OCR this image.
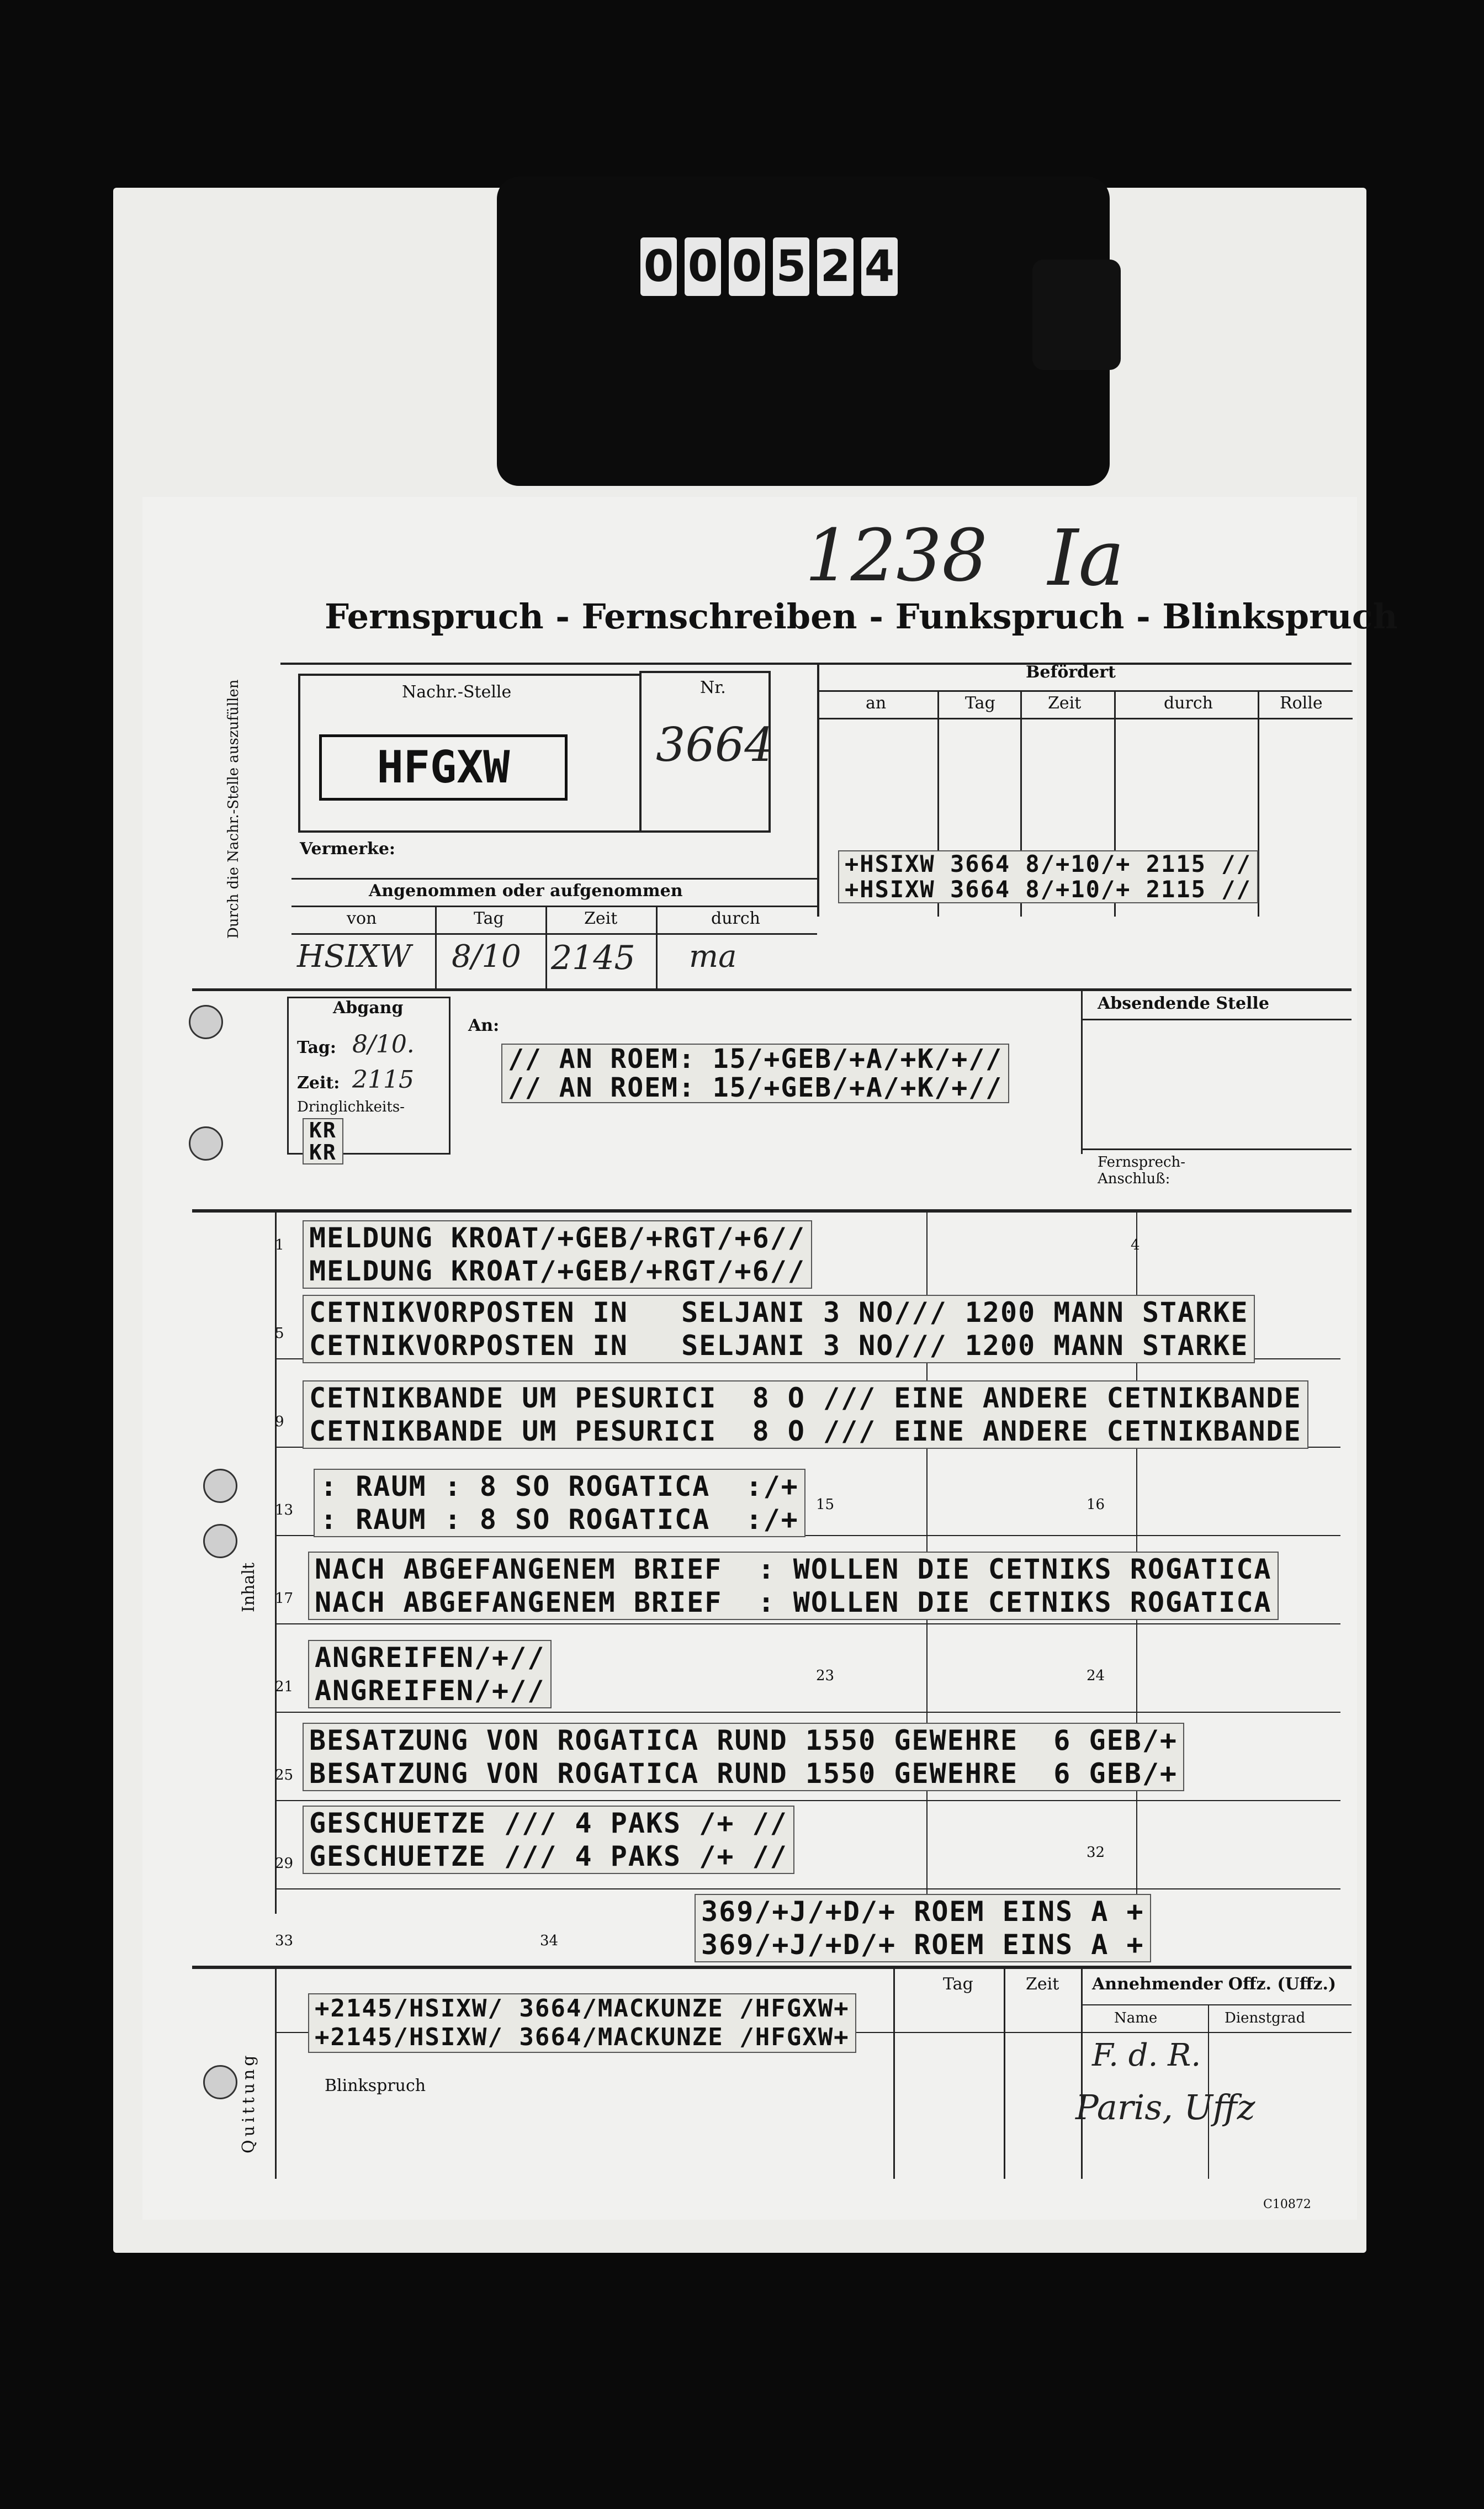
0 0 0 5 2 4
1238 Ia
Fernspruch - Fernschreiben - Funkspruch - Blinkspruch
Durch die Nachr.-Stelle auszufüllen	Nachr.-Stelle
HFGXW
Vermerke:
Nr.
3664
Befördert
an	Tag	Zeit	durch	Rolle
+HSIXW 3664 8/+10/+ 2115 //
+HSIXW 3664 8/+10/+ 2115 //
Angenommen oder aufgenommen
von	Tag	Zeit	durch
HSIXW 8/10 2145 ma
Abgang
Tag: 8/10.
Zeit: 2115
Dringlichkeits-
KR
KR
An:
// AN ROEM: 15/+GEB/+A/+K/+//
// AN ROEM: 15/+GEB/+A/+K/+//
Absendende Stelle
Fernsprech-
Anschluß:
1	4
5
9
13	15	16
17
21
23	24
25
29
32
33	34
Inhalt
MELDUNG KROAT/+GEB/+RGT/+6//
MELDUNG KROAT/+GEB/+RGT/+6//
CETNIKVORPOSTEN IN   SELJANI 3 NO/// 1200 MANN STARKE
CETNIKVORPOSTEN IN   SELJANI 3 NO/// 1200 MANN STARKE
CETNIKBANDE UM PESURICI  8 O /// EINE ANDERE CETNIKBANDE
CETNIKBANDE UM PESURICI  8 O /// EINE ANDERE CETNIKBANDE
: RAUM : 8 SO ROGATICA  :/+
: RAUM : 8 SO ROGATICA  :/+
NACH ABGEFANGENEM BRIEF  : WOLLEN DIE CETNIKS ROGATICA
NACH ABGEFANGENEM BRIEF  : WOLLEN DIE CETNIKS ROGATICA
ANGREIFEN/+//
ANGREIFEN/+//
BESATZUNG VON ROGATICA RUND 1550 GEWEHRE  6 GEB/+
BESATZUNG VON ROGATICA RUND 1550 GEWEHRE  6 GEB/+
GESCHUETZE /// 4 PAKS /+ //
GESCHUETZE /// 4 PAKS /+ //
369/+J/+D/+ ROEM EINS A +
369/+J/+D/+ ROEM EINS A +
Quittung
Tag	Zeit Annehmender Offz. (Uffz.)
Name	Dienstgrad
+2145/HSIXW/ 3664/MACKUNZE /HFGXW+
+2145/HSIXW/ 3664/MACKUNZE /HFGXW+
Blinkspruch
F. d. R.
Paris, Uffz
C10872
